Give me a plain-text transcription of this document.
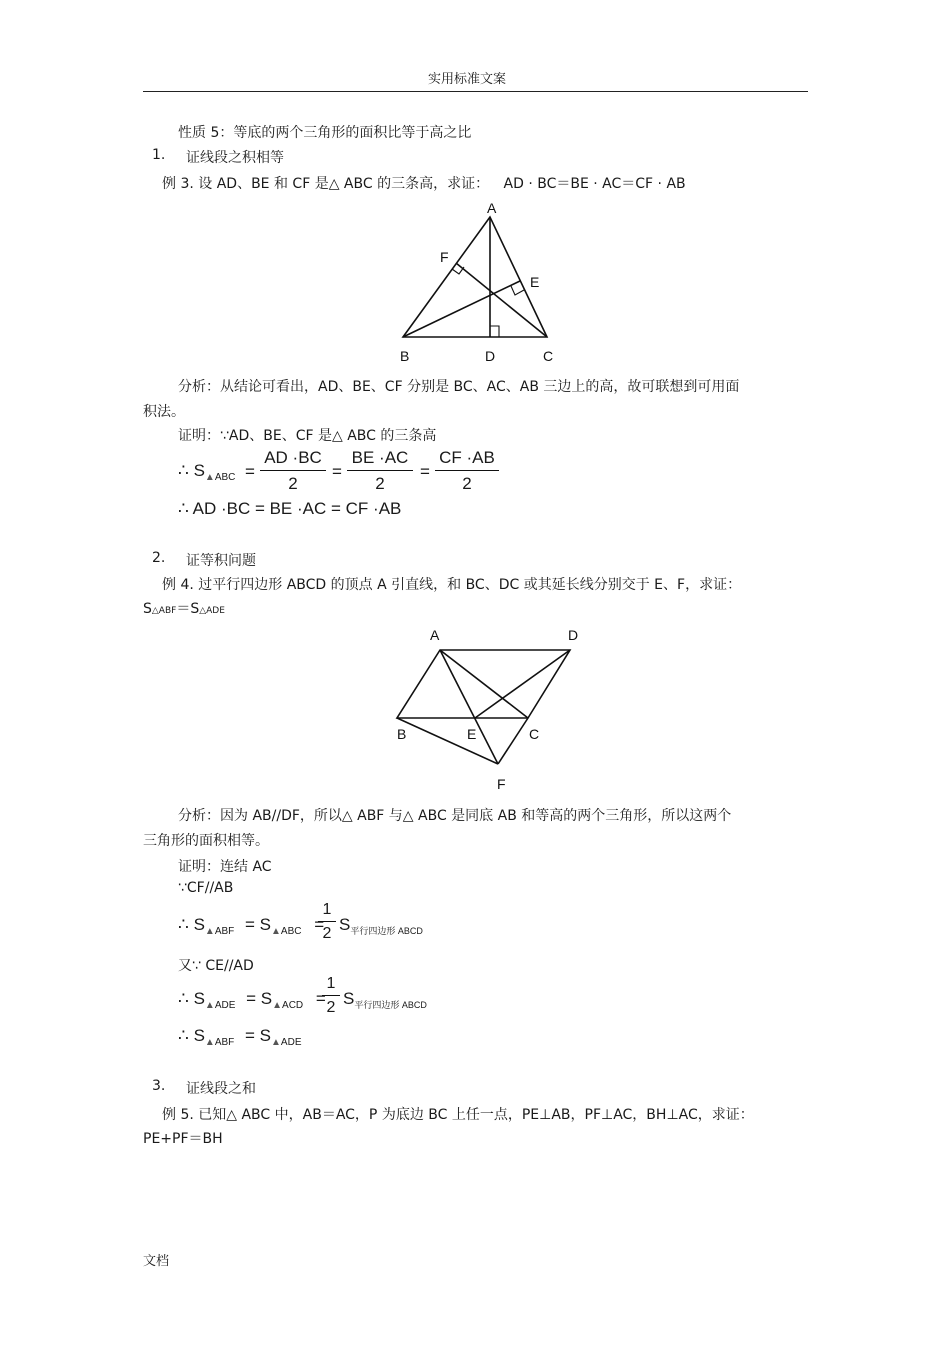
实用标准文案
性质 5：等底的两个三角形的面积比等于高之比
1. 证线段之积相等
例 3. 设 AD、BE 和 CF 是△ ABC 的三条高，求证： AD · BC＝BE · AC＝CF · AB
A
F
E
B	D	C
分析：从结论可看出，AD、BE、CF 分别是 BC、AC、AB 三边上的高，故可联想到可用面
积法。
证明：∵AD、BE、CF 是△ ABC 的三条高
∴ $S_{▲ABC} = \frac{AD \cdot BC}{2} = \frac{BE \cdot AC}{2} = \frac{CF \cdot AB}{2}$
∴ AD ·BC = BE ·AC = CF ·AB
2. 证等积问题
例 4. 过平行四边形 ABCD 的顶点 A 引直线，和 BC、DC 或其延长线分别交于 E、F，求证：
S△ABF＝S△ADE
A	D
B	E	C
F
分析：因为 AB//DF，所以△ ABF 与△ ABC 是同底 AB 和等高的两个三角形，所以这两个
三角形的面积相等。
证明：连结 AC
∵CF//AB
∴ $S_{▲ABF} = S_{▲ABC}$ =
$\frac{1}{2} S_{平行四边形 ABCD}$
又∵ CE//AD
∴ $S_{▲ADE} = S_{▲ACD}$ =
$\frac{1}{2} S_{平行四边形 ABCD}$
∴ $S_{▲ABF} = S_{▲ADE}$
3. 证线段之和
例 5. 已知△ ABC 中，AB＝AC，P 为底边 BC 上任一点，PE⊥AB，PF⊥AC，BH⊥AC，求证：
PE+PF＝BH
文档
